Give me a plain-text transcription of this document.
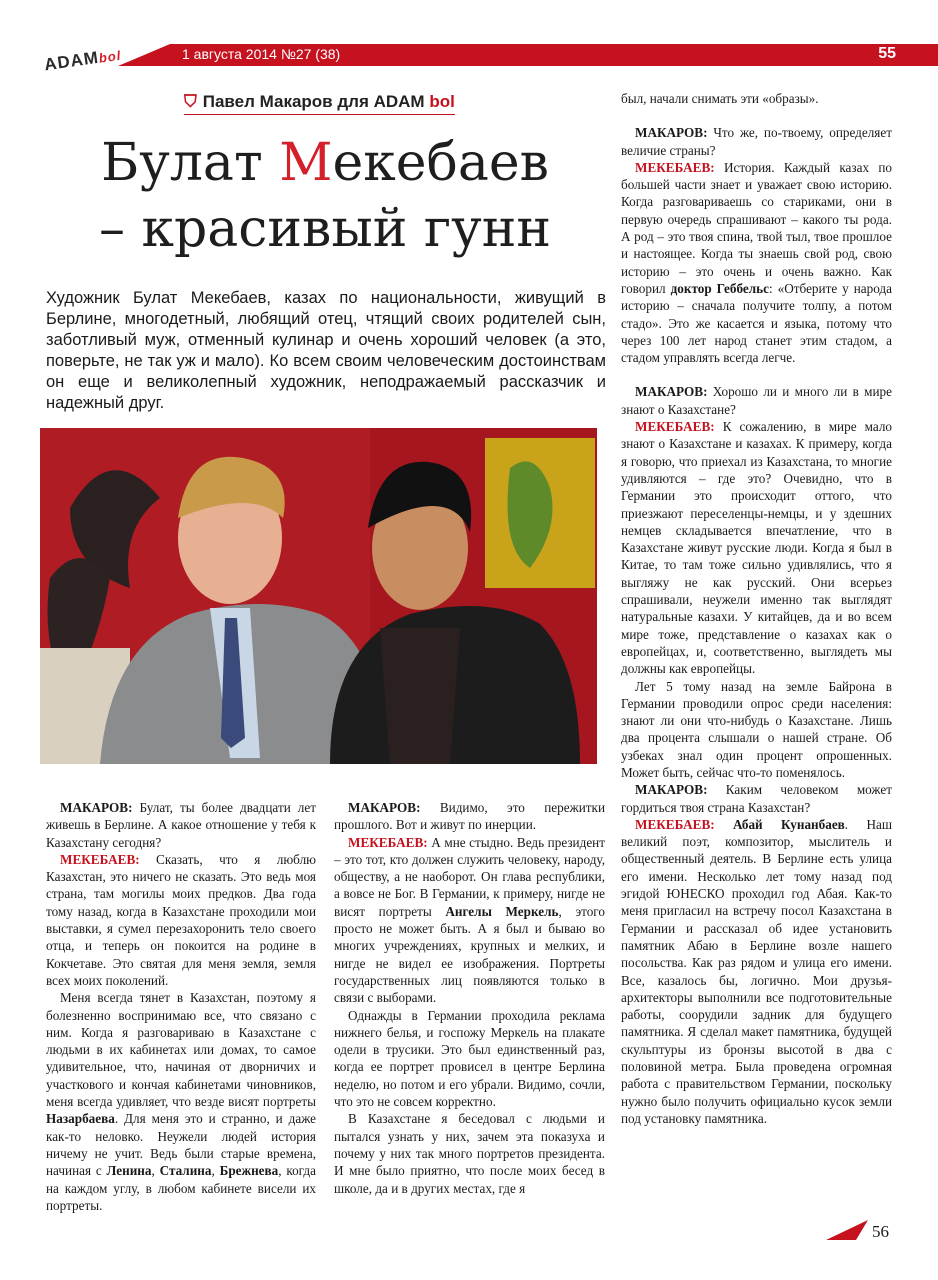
ADAMbol	1 августа 2014 №27 (38)	55
⛉ Павел Макаров для ADAM bol
Булат Мекебаев
– красивый гунн
Художник Булат Мекебаев, казах по национальности, живущий в Берлине, многодетный, любящий отец, чтящий своих родителей сын, заботливый муж, отменный кулинар и очень хороший человек (а это, поверьте, не так уж и мало). Ко всем своим человеческим достоинствам он еще и великолепный художник, неподражаемый рассказчик и надежный друг.

МАКАРОВ: Булат, ты более двадцати лет живешь в Берлине. А какое отношение у тебя к Казахстану сегодня?

МЕКЕБАЕВ: Сказать, что я люблю Казахстан, это ничего не сказать. Это ведь моя страна, там могилы моих предков. Два года тому назад, когда в Казахстане проходили мои выставки, я сумел перезахоронить тело своего отца, и теперь он покоится на родине в Кокчетаве. Это святая для меня земля, земля всех моих поколений.

Меня всегда тянет в Казахстан, поэтому я болезненно воспринимаю все, что связано с ним. Когда я разговариваю в Казахстане с людьми в их кабинетах или домах, то самое удивительное, что, начиная от дворничих и участкового и кончая кабинетами чиновников, меня всегда удивляет, что везде висят портреты Назарбаева. Для меня это и странно, и даже как-то неловко. Неужели людей история ничему не учит. Ведь были старые времена, начиная с Ленина, Сталина, Брежнева, когда на каждом углу, в любом кабинете висели их портреты.

МАКАРОВ: Видимо, это пережитки прошлого. Вот и живут по инерции.

МЕКЕБАЕВ: А мне стыдно. Ведь президент – это тот, кто должен служить человеку, народу, обществу, а не наоборот. Он глава республики, а вовсе не Бог. В Германии, к примеру, нигде не висят портреты Ангелы Меркель, этого просто не может быть. А я был и бываю во многих учреждениях, крупных и мелких, и нигде не видел ее изображения. Портреты государственных лиц появляются только в связи с выборами.

Однажды в Германии проходила реклама нижнего белья, и госпожу Меркель на плакате одели в трусики. Это был единственный раз, когда ее портрет провисел в центре Берлина неделю, но потом и его убрали. Видимо, сочли, что это не совсем корректно.

В Казахстане я беседовал с людьми и пытался узнать у них, зачем эта показуха и почему у них так много портретов президента. И мне было приятно, что после моих бесед в школе, да и в других местах, где я

был, начали снимать эти «образы».

МАКАРОВ: Что же, по-твоему, определяет величие страны?

МЕКЕБАЕВ: История. Каждый казах по большей части знает и уважает свою историю. Когда разговариваешь со стариками, они в первую очередь спрашивают – какого ты рода. А род – это твоя спина, твой тыл, твое прошлое и настоящее. Когда ты знаешь свой род, свою историю – это очень и очень важно. Как говорил доктор Геббельс: «Отберите у народа историю – сначала получите толпу, а потом стадо». Это же касается и языка, потому что через 100 лет народ станет этим стадом, а стадом управлять всегда легче.

МАКАРОВ: Хорошо ли и много ли в мире знают о Казахстане?

МЕКЕБАЕВ: К сожалению, в мире мало знают о Казахстане и казахах. К примеру, когда я говорю, что приехал из Казахстана, то многие удивляются – где это? Очевидно, что в Германии это происходит оттого, что приезжают переселенцы-немцы, и у здешних немцев складывается впечатление, что в Казахстане живут русские люди. Когда я был в Китае, то там тоже сильно удивлялись, что я выгляжу не как русский. Они всерьез спрашивали, неужели именно так выглядят натуральные казахи. У китайцев, да и во всем мире тоже, представление о казахах как о европейцах, и, соответственно, выглядеть мы должны как европейцы.

Лет 5 тому назад на земле Байрона в Германии проводили опрос среди населения: знают ли они что-нибудь о Казахстане. Лишь два процента слышали о нашей стране. Об узбеках знал один процент опрошенных. Может быть, сейчас что-то поменялось.

МАКАРОВ: Каким человеком может гордиться твоя страна Казахстан?

МЕКЕБАЕВ: Абай Кунанбаев. Наш великий поэт, композитор, мыслитель и общественный деятель. В Берлине есть улица его имени. Несколько лет тому назад под эгидой ЮНЕСКО проходил год Абая. Как-то меня пригласил на встречу посол Казахстана в Германии и рассказал об идее установить памятник Абаю в Берлине возле нашего посольства. Как раз рядом и улица его имени. Все, казалось бы, логично. Мои друзья-архитекторы выполнили все подготовительные работы, соорудили задник для будущего памятника. Я сделал макет памятника, будущей скульптуры из бронзы высотой в два с половиной метра. Была проведена огромная работа с правительством Германии, поскольку нужно было получить официально кусок земли под установку памятника.

56
